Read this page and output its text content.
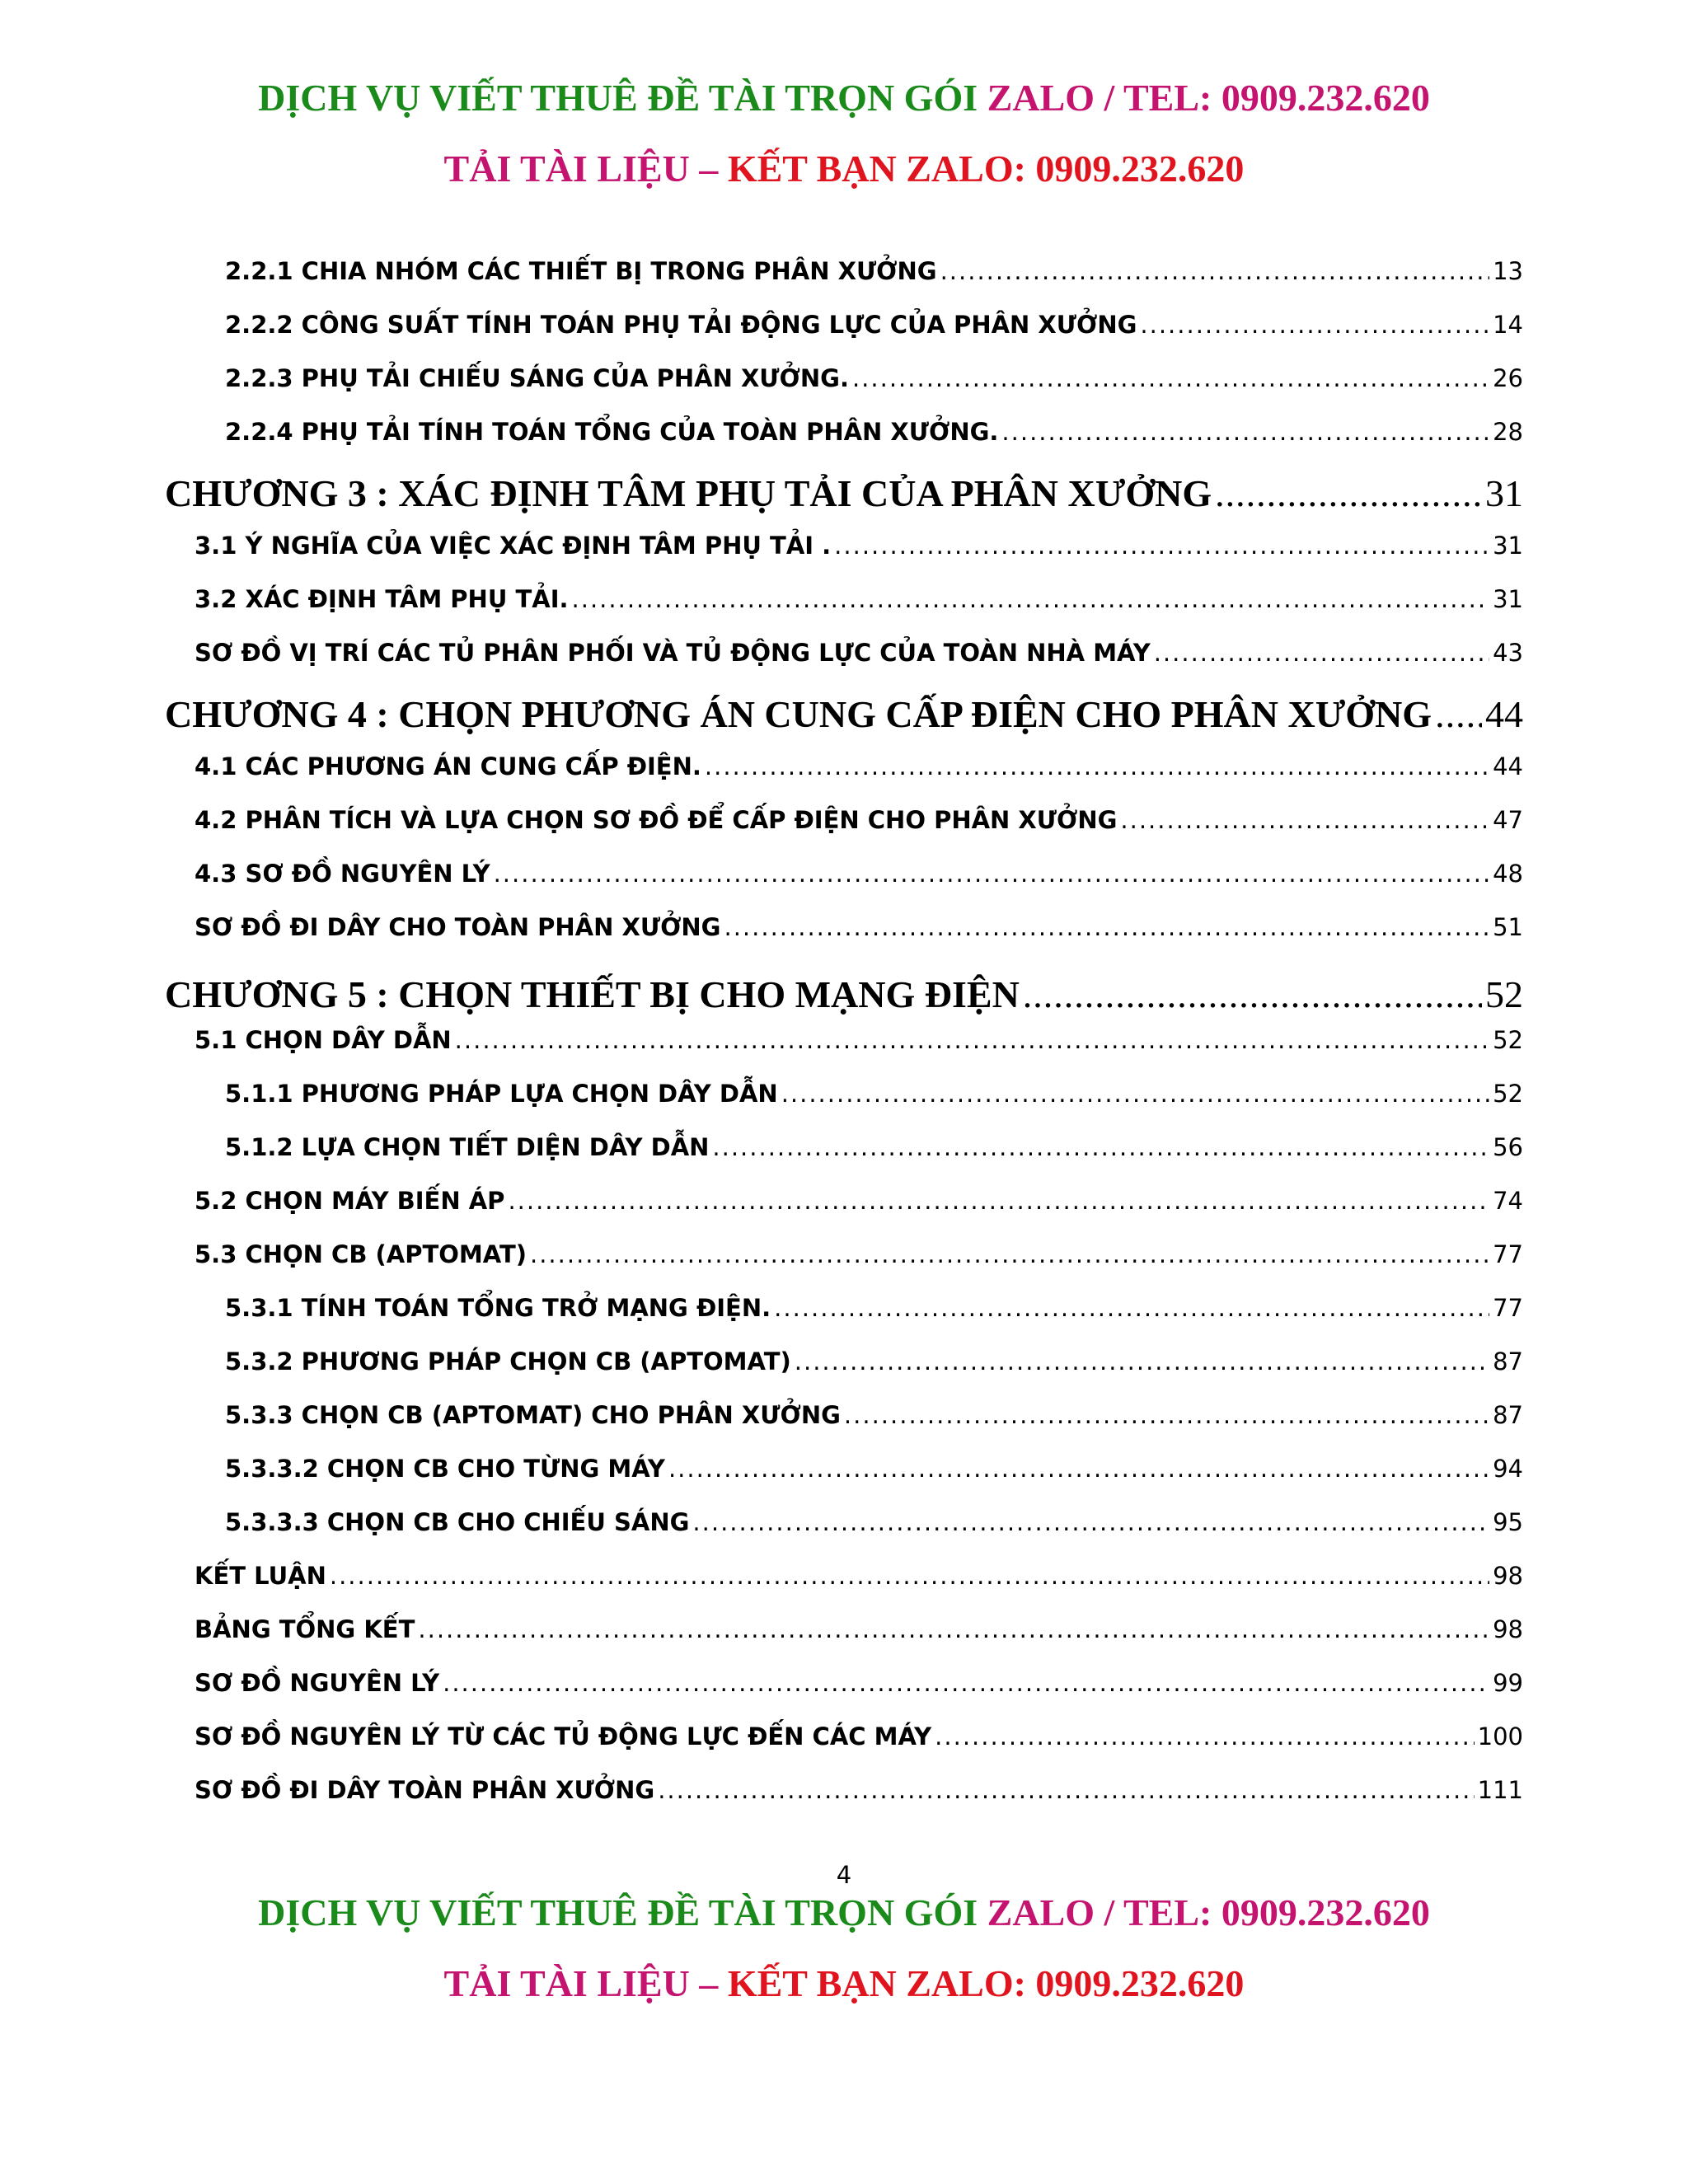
DỊCH VỤ VIẾT THUÊ ĐỀ TÀI TRỌN GÓI ZALO / TEL: 0909.232.620
TẢI TÀI LIỆU – KẾT BẠN ZALO: 0909.232.620
2.2.1 CHIA NHÓM CÁC THIẾT BỊ TRONG PHÂN XƯỞNG .....	13
2.2.2 CÔNG SUẤT TÍNH TOÁN PHỤ TẢI ĐỘNG LỰC CỦA PHÂN XƯỞNG .....	14
2.2.3 PHỤ TẢI CHIẾU SÁNG CỦA PHÂN XƯỞNG. .....	26
2.2.4 PHỤ TẢI TÍNH TOÁN TỔNG CỦA TOÀN PHÂN XƯỞNG. .....	28
CHƯƠNG 3 : XÁC ĐỊNH TÂM PHỤ TẢI CỦA PHÂN XƯỞNG .....	31
3.1 Ý NGHĨA CỦA VIỆC XÁC ĐỊNH TÂM PHỤ TẢI . .....	31
3.2 XÁC ĐỊNH TÂM PHỤ TẢI. .....	31
SƠ ĐỒ VỊ TRÍ CÁC TỦ PHÂN PHỐI VÀ TỦ ĐỘNG LỰC CỦA TOÀN NHÀ MÁY .....	43
CHƯƠNG 4 : CHỌN PHƯƠNG ÁN CUNG CẤP ĐIỆN CHO PHÂN XƯỞNG ..... 44
4.1 CÁC PHƯƠNG ÁN CUNG CẤP ĐIỆN. .....	44
4.2 PHÂN TÍCH VÀ LỰA CHỌN SƠ ĐỒ ĐỂ CẤP ĐIỆN CHO PHÂN XƯỞNG .....	47
4.3 SƠ ĐỒ NGUYÊN LÝ .....	48
SƠ ĐỒ ĐI DÂY CHO TOÀN PHÂN XƯỞNG .....	51
CHƯƠNG 5 : CHỌN THIẾT BỊ CHO MẠNG ĐIỆN .....	52
5.1 CHỌN DÂY DẪN .....	52
5.1.1 PHƯƠNG PHÁP LỰA CHỌN DÂY DẪN .....	52
5.1.2 LỰA CHỌN TIẾT DIỆN DÂY DẪN .....	56
5.2 CHỌN MÁY BIẾN ÁP .....	74
5.3 CHỌN CB (APTOMAT) .....	77
5.3.1 TÍNH TOÁN TỔNG TRỞ MẠNG ĐIỆN. .....	77
5.3.2 PHƯƠNG PHÁP CHỌN CB (APTOMAT) .....	87
5.3.3 CHỌN CB (APTOMAT) CHO PHÂN XƯỞNG .....	87
5.3.3.2 CHỌN CB CHO TỪNG MÁY .....	94
5.3.3.3 CHỌN CB CHO CHIẾU SÁNG .....	95
KẾT LUẬN .....	98
BẢNG TỔNG KẾT .....	98
SƠ ĐỒ NGUYÊN LÝ .....	99
SƠ ĐỒ NGUYÊN LÝ TỪ CÁC TỦ ĐỘNG LỰC ĐẾN CÁC MÁY .....	100
SƠ ĐỒ ĐI DÂY TOÀN PHÂN XƯỞNG .....	111
4
DỊCH VỤ VIẾT THUÊ ĐỀ TÀI TRỌN GÓI ZALO / TEL: 0909.232.620
TẢI TÀI LIỆU – KẾT BẠN ZALO: 0909.232.620
